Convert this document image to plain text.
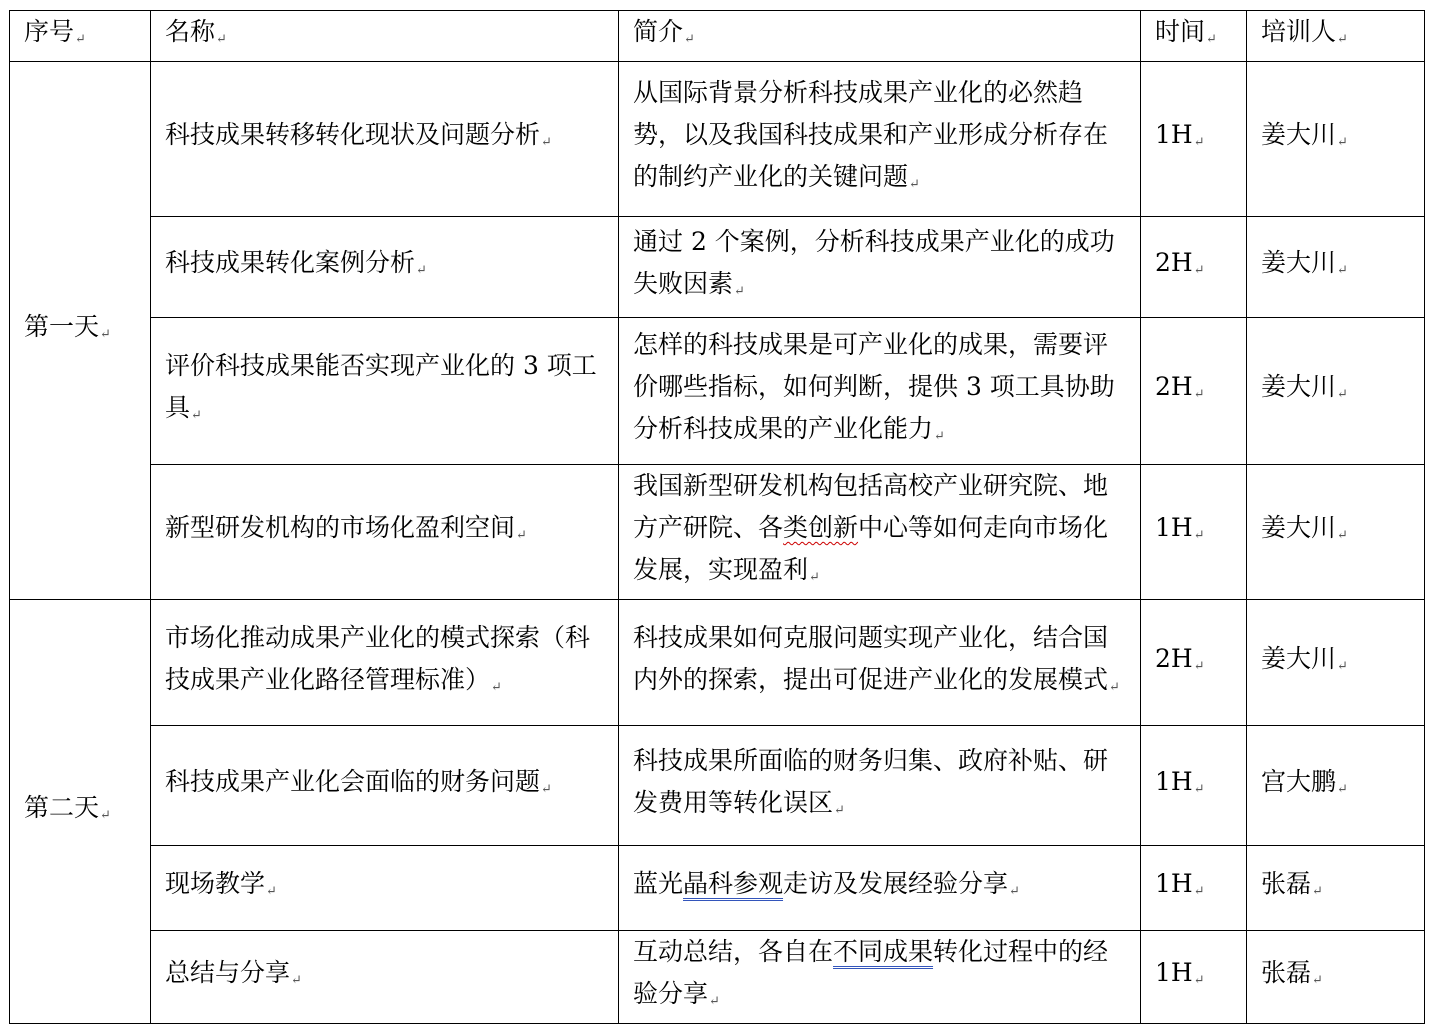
序号↵	名称↵	简介↵	时间↵	培训人↵
第一天↵	科技成果转移转化现状及问题分析↵	从国际背景分析科技成果产业化的必然趋势，以及我国科技成果和产业形成分析存在的制约产业化的关键问题↵	1H↵	姜大川↵
	科技成果转化案例分析↵	通过 2 个案例，分析科技成果产业化的成功失败因素↵	2H↵	姜大川↵
	评价科技成果能否实现产业化的 3 项工具↵	怎样的科技成果是可产业化的成果，需要评价哪些指标，如何判断，提供 3 项工具协助分析科技成果的产业化能力↵	2H↵	姜大川↵
	新型研发机构的市场化盈利空间↵	我国新型研发机构包括高校产业研究院、地方产研院、各类创新中心等如何走向市场化发展，实现盈利↵	1H↵	姜大川↵
第二天↵	市场化推动成果产业化的模式探索（科技成果产业化路径管理标准）↵	科技成果如何克服问题实现产业化，结合国内外的探索，提出可促进产业化的发展模式↵	2H↵	姜大川↵
	科技成果产业化会面临的财务问题↵	科技成果所面临的财务归集、政府补贴、研发费用等转化误区↵	1H↵	宫大鹏↵
	现场教学↵	蓝光晶科参观走访及发展经验分享↵	1H↵	张磊↵
	总结与分享↵	互动总结，各自在不同成果转化过程中的经验分享↵	1H↵	张磊↵
